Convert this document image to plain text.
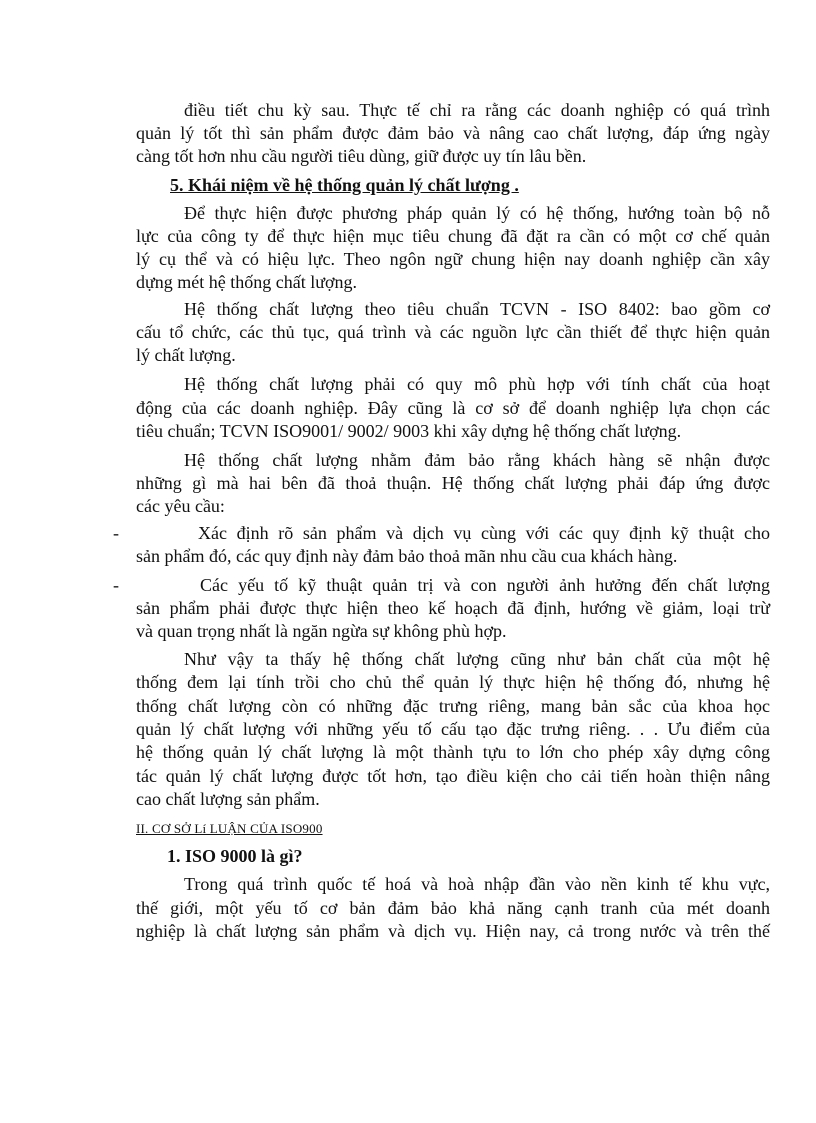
điều tiết chu kỳ sau. Thực tế chỉ ra rằng các doanh nghiệp có quá trình
quản lý tốt thì sản phẩm được đảm bảo và nâng cao chất lượng, đáp ứng ngày
càng tốt hơn nhu cầu người tiêu dùng, giữ được uy tín lâu bền.
5. Khái niệm về hệ thống quản lý chất lượng .
Để thực hiện được phương pháp quản lý có hệ thống, hướng toàn bộ nỗ
lực của công ty để thực hiện mục tiêu chung đã đặt ra cần có một cơ chế quản
lý cụ thể và có hiệu lực. Theo ngôn ngữ chung hiện nay doanh nghiệp cần xây
dựng mét hệ thống chất lượng.
Hệ thống chất lượng theo tiêu chuẩn TCVN - ISO 8402: bao gồm cơ
cấu tổ chức, các thủ tục, quá trình và các nguồn lực cần thiết để thực hiện quản
lý chất lượng.
Hệ thống chất lượng phải có quy mô phù hợp với tính chất của hoạt
động của các doanh nghiệp. Đây cũng là cơ sở để doanh nghiệp lựa chọn các
tiêu chuẩn; TCVN ISO9001/ 9002/ 9003 khi xây dựng hệ thống chất lượng.
Hệ thống chất lượng nhằm đảm bảo rằng khách hàng sẽ nhận được
những gì mà hai bên đã thoả thuận. Hệ thống chất lượng phải đáp ứng được
các yêu cầu:
-	Xác định rõ sản phẩm và dịch vụ cùng với các quy định kỹ thuật cho
sản phẩm đó, các quy định này đảm bảo thoả mãn nhu cầu cua khách hàng.
-	Các yếu tố kỹ thuật quản trị và con người ảnh hưởng đến chất lượng
sản phẩm phải được thực hiện theo kế hoạch đã định, hướng về giảm, loại trừ
và quan trọng nhất là ngăn ngừa sự không phù hợp.
Như vậy ta thấy hệ thống chất lượng cũng như bản chất của một hệ
thống đem lại tính trồi cho chủ thể quản lý thực hiện hệ thống đó, nhưng hệ
thống chất lượng còn có những đặc trưng riêng, mang bản sắc của khoa học
quản lý chất lượng với những yếu tố cấu tạo đặc trưng riêng. . . Ưu điểm của
hệ thống quản lý chất lượng là một thành tựu to lớn cho phép xây dựng công
tác quản lý chất lượng được tốt hơn, tạo điều kiện cho cải tiến hoàn thiện nâng
cao chất lượng sản phẩm.
II. CƠ SỞ Lí LUẬN CỦA ISO900
1. ISO 9000 là gì?
Trong quá trình quốc tế hoá và hoà nhập đần vào nền kinh tế khu vực,
thế giới, một yếu tố cơ bản đảm bảo khả năng cạnh tranh của mét doanh
nghiệp là chất lượng sản phẩm và dịch vụ. Hiện nay, cả trong nước và trên thế
